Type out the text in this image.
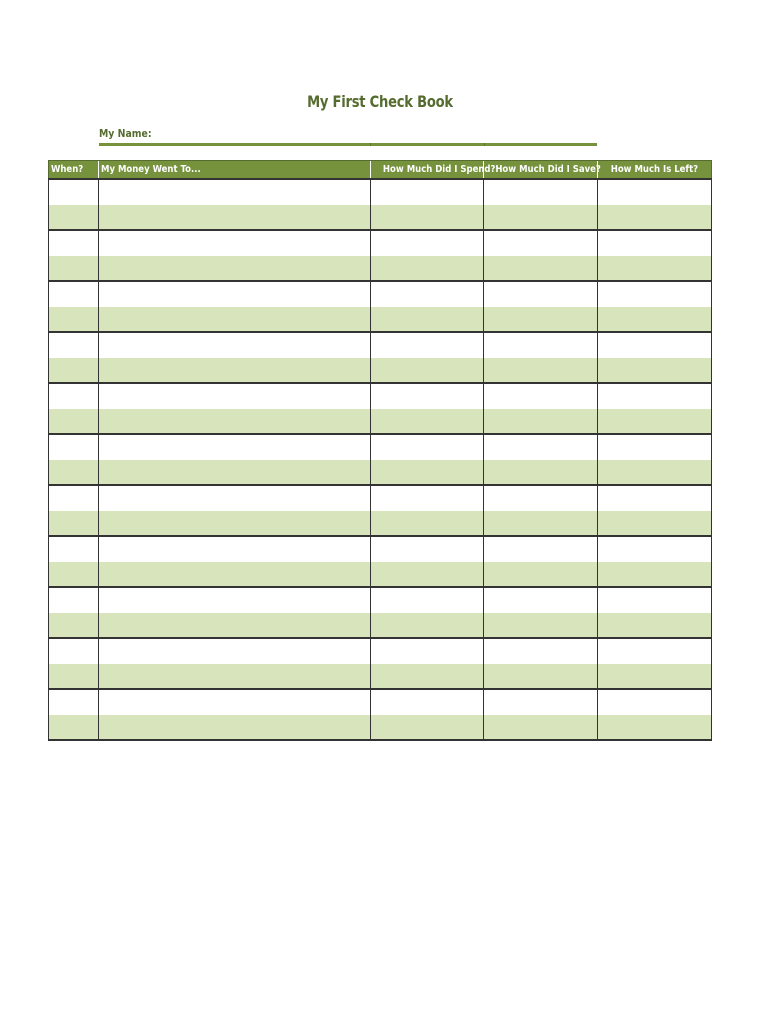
My First Check Book
My Name:
When?	My Money Went To...	How Much Did I Spend?	How Much Did I Save?	How Much Is Left?
